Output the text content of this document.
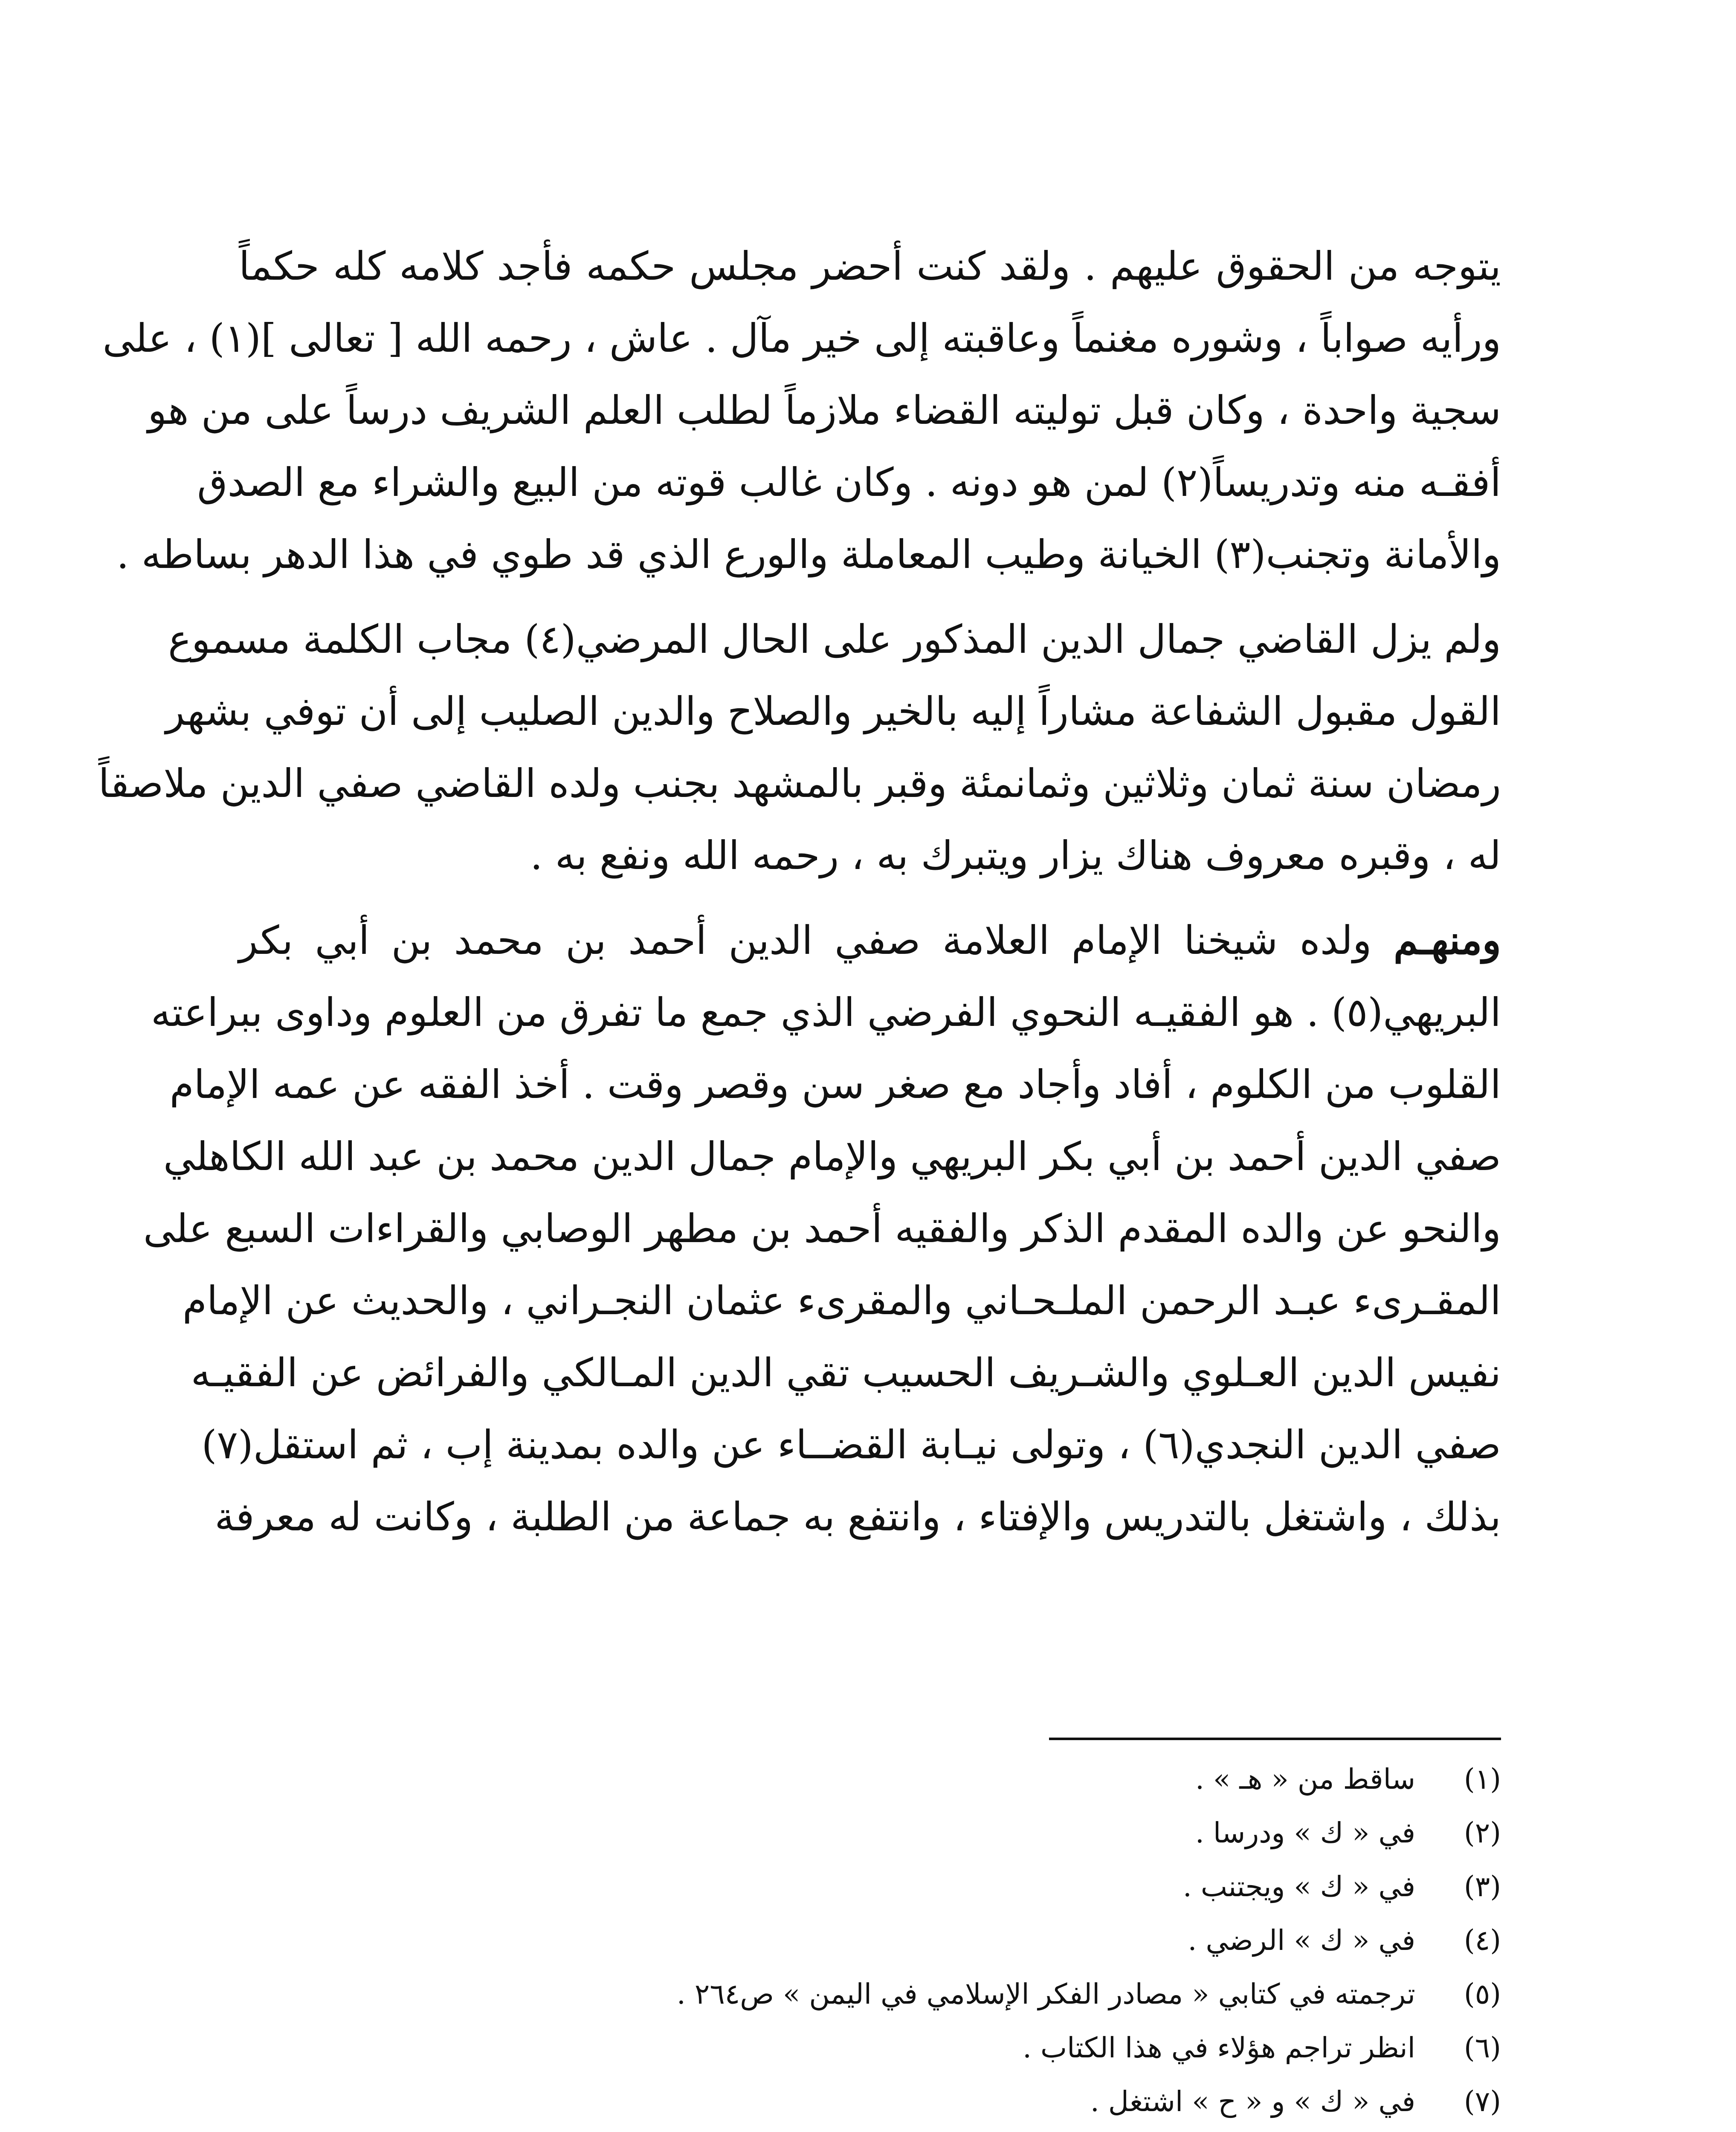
يتوجه من الحقوق عليهم . ولقد كنت أحضر مجلس حكمه فأجد كلامه كله حكماً
ورأيه صواباً ، وشوره مغنماً وعاقبته إلى خير مآل . عاش ، رحمه الله [ تعالى ](١) ، على
سجية واحدة ، وكان قبل توليته القضاء ملازماً لطلب العلم الشريف درساً على من هو
أفقـه منه وتدريساً(٢) لمن هو دونه . وكان غالب قوته من البيع والشراء مع الصدق
والأمانة وتجنب(٣) الخيانة وطيب المعاملة والورع الذي قد طوي في هذا الدهر بساطه .
ولم يزل القاضي جمال الدين المذكور على الحال المرضي(٤) مجاب الكلمة مسموع
القول مقبول الشفاعة مشاراً إليه بالخير والصلاح والدين الصليب إلى أن توفي بشهر
رمضان سنة ثمان وثلاثين وثمانمئة وقبر بالمشهد بجنب ولده القاضي صفي الدين ملاصقاً
له ، وقبره معروف هناك يزار ويتبرك به ، رحمه الله ونفع به .
ومنهـم ولده شيخنا الإمام العلامة صفي الدين أحمد بن محمد بن أبي بكر
البريهي(٥) . هو الفقيـه النحوي الفرضي الذي جمع ما تفرق من العلوم وداوى ببراعته
القلوب من الكلوم ، أفاد وأجاد مع صغر سن وقصر وقت . أخذ الفقه عن عمه الإمام
صفي الدين أحمد بن أبي بكر البريهي والإمام جمال الدين محمد بن عبد الله الكاهلي
والنحو عن والده المقدم الذكر والفقيه أحمد بن مطهر الوصابي والقراءات السبع على
المقـرىء عبـد الرحمن الملـحـاني والمقرىء عثمان النجـراني ، والحديث عن الإمام
نفيس الدين العـلوي والشـريف الحسيب تقي الدين المـالكي والفرائض عن الفقيـه
صفي الدين النجدي(٦) ، وتولى نيـابة القضــاء عن والده بمدينة إب ، ثم استقل(٧)
بذلك ، واشتغل بالتدريس والإفتاء ، وانتفع به جماعة من الطلبة ، وكانت له معرفة
(١) ساقط من « هـ » .
(٢) في « ك » ودرسا .
(٣) في « ك » ويجتنب .
(٤) في « ك » الرضي .
(٥) ترجمته في كتابي « مصادر الفكر الإسلامي في اليمن » ص٢٦٤ .
(٦) انظر تراجم هؤلاء في هذا الكتاب .
(٧) في « ك » و « ح » اشتغل .
